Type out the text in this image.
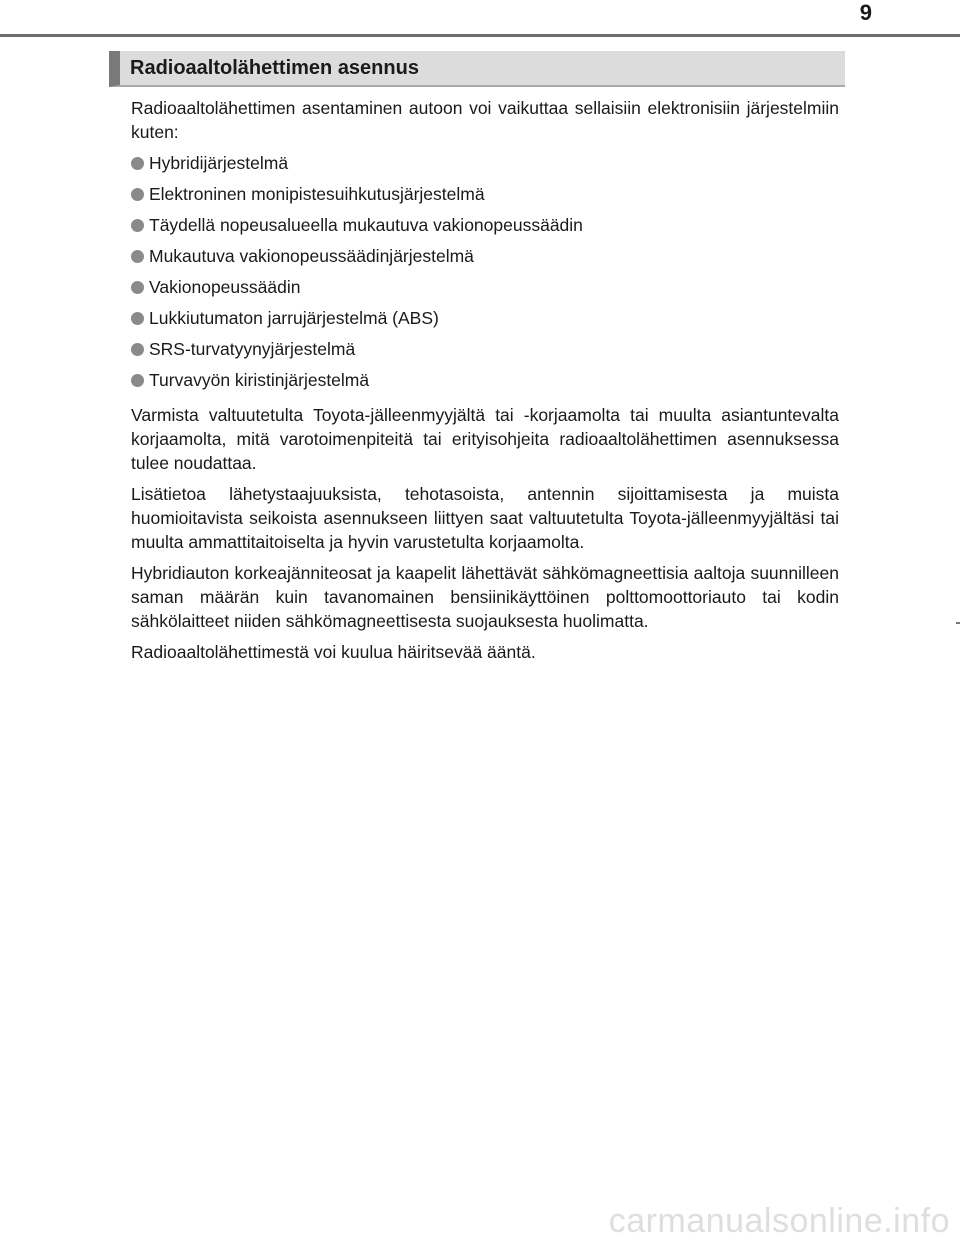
9
Radioaaltolähettimen asennus

Radioaaltolähettimen asentaminen autoon voi vaikuttaa sellaisiin elektronisiin järjestelmiin kuten:

Hybridijärjestelmä
Elektroninen monipistesuihkutusjärjestelmä
Täydellä nopeusalueella mukautuva vakionopeussäädin
Mukautuva vakionopeussäädinjärjestelmä
Vakionopeussäädin
Lukkiutumaton jarrujärjestelmä (ABS)
SRS-turvatyynyjärjestelmä
Turvavyön kiristinjärjestelmä

Varmista valtuutetulta Toyota-jälleenmyyjältä tai -korjaamolta tai muulta asiantuntevalta korjaamolta, mitä varotoimenpiteitä tai erityisohjeita radioaaltolähettimen asennuksessa tulee noudattaa.

Lisätietoa lähetystaajuuksista, tehotasoista, antennin sijoittamisesta ja muista huomioitavista seikoista asennukseen liittyen saat valtuutetulta Toyota-jälleenmyyjältäsi tai muulta ammattitaitoiselta ja hyvin varustetulta korjaamolta.

Hybridiauton korkeajänniteosat ja kaapelit lähettävät sähkömagneettisia aaltoja suunnilleen saman määrän kuin tavanomainen bensiinikäyttöinen polttomoottoriauto tai kodin sähkölaitteet niiden sähkömagneettisesta suojauksesta huolimatta.

Radioaaltolähettimestä voi kuulua häiritsevää ääntä.

carmanualsonline.info
